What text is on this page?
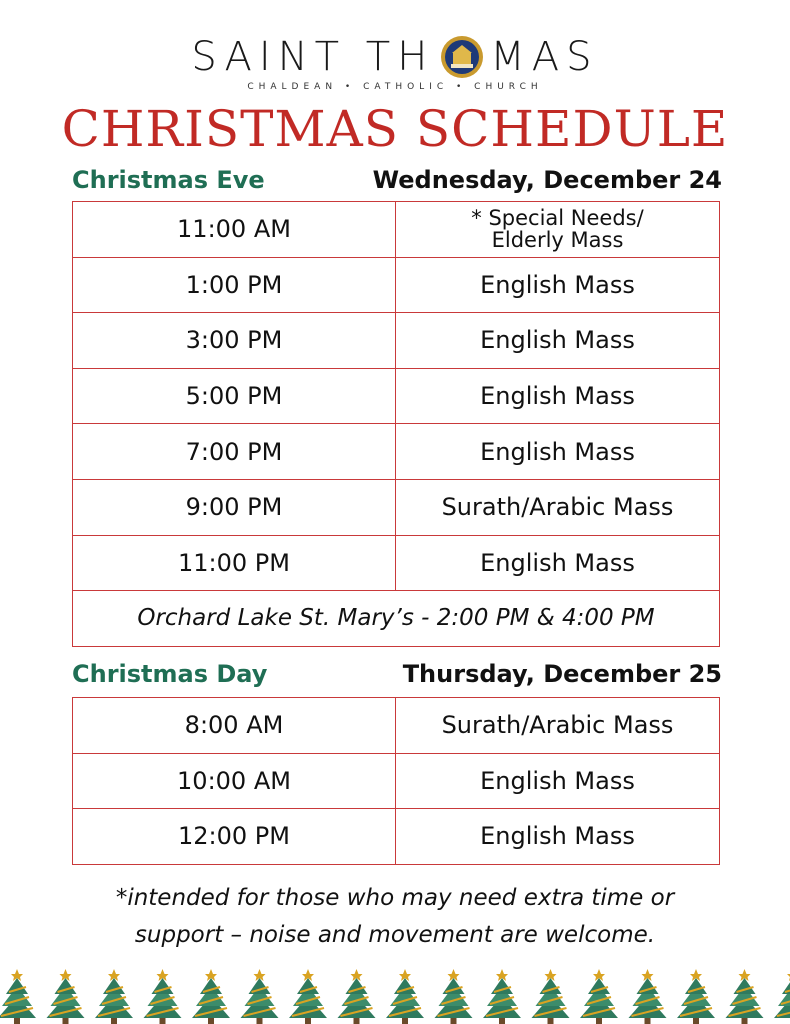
SAINT TH MAS
CHALDEAN • CATHOLIC • CHURCH
CHRISTMAS SCHEDULE
Christmas Eve	Wednesday, December 24
11:00 AM	* Special Needs/
Elderly Mass

1:00 PM	English Mass
3:00 PM	English Mass
5:00 PM	English Mass
7:00 PM	English Mass
9:00 PM	Surath/Arabic Mass
11:00 PM	English Mass
Orchard Lake St. Mary’s - 2:00 PM & 4:00 PM	
Christmas Day	Thursday, December 25
8:00 AM	Surath/Arabic Mass
10:00 AM	English Mass
12:00 PM	English Mass
*intended for those who may need extra time or
support – noise and movement are welcome.
